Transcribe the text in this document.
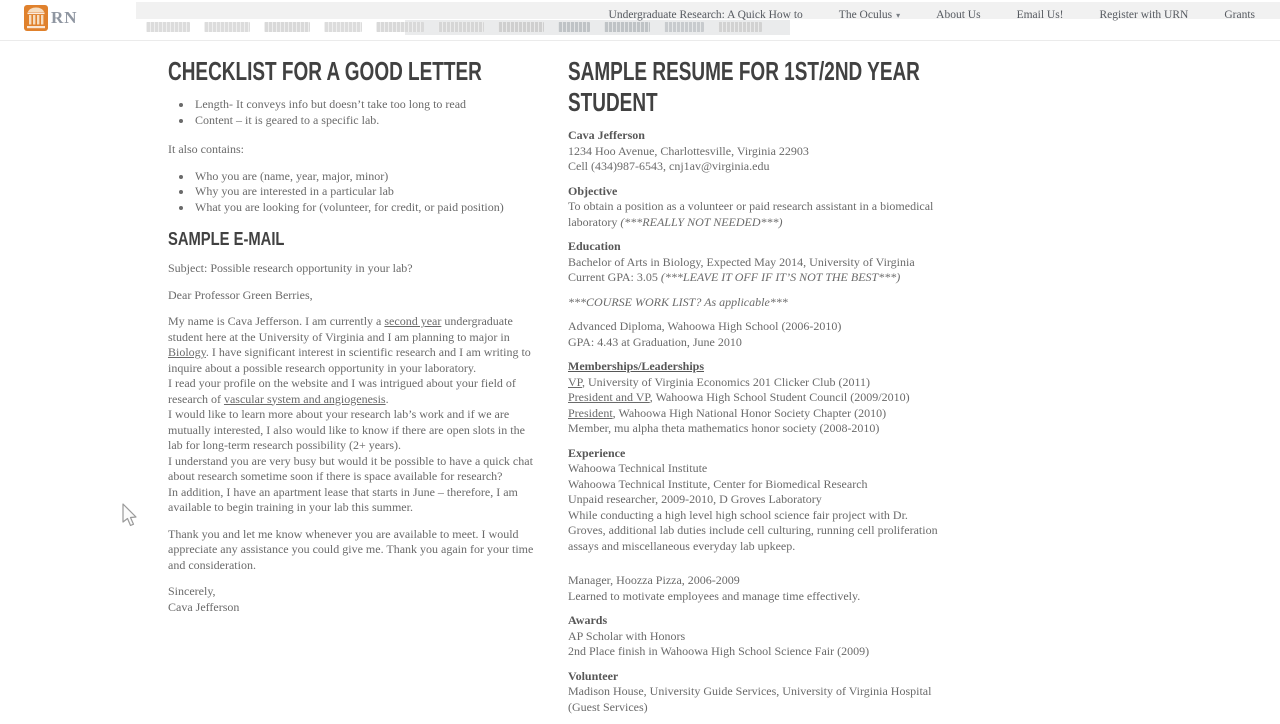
RN	Undergraduate Research: A Quick How to	The Oculus ▾	About Us	Email Us!	Register with URN	Grants
CHECKLIST FOR A GOOD LETTER
• Length- It conveys info but doesn’t take too long to read
• Content – it is geared to a specific lab.

It also contains:

• Who you are (name, year, major, minor)
• Why you are interested in a particular lab
• What you are looking for (volunteer, for credit, or paid position)
SAMPLE E-MAIL

Subject: Possible research opportunity in your lab?

Dear Professor Green Berries,

My name is Cava Jefferson. I am currently a second year undergraduate student here at the University of Virginia and I am planning to major in Biology. I have significant interest in scientific research and I am writing to inquire about a possible research opportunity in your laboratory.
I read your profile on the website and I was intrigued about your field of research of vascular system and angiogenesis.
I would like to learn more about your research lab’s work and if we are mutually interested, I also would like to know if there are open slots in the lab for long-term research possibility (2+ years).
I understand you are very busy but would it be possible to have a quick chat about research sometime soon if there is space available for research?
In addition, I have an apartment lease that starts in June – therefore, I am available to begin training in your lab this summer.

Thank you and let me know whenever you are available to meet. I would appreciate any assistance you could give me. Thank you again for your time and consideration.

Sincerely,
Cava Jefferson
SAMPLE RESUME FOR 1ST/2ND YEAR STUDENT
Cava Jefferson
1234 Hoo Avenue, Charlottesville, Virginia 22903
Cell (434)987-6543, cnj1av@virginia.edu
Objective
To obtain a position as a volunteer or paid research assistant in a biomedical laboratory (***REALLY NOT NEEDED***)
Education
Bachelor of Arts in Biology, Expected May 2014, University of Virginia
Current GPA: 3.05 (***LEAVE IT OFF IF IT’S NOT THE BEST***)
***COURSE WORK LIST? As applicable***
Advanced Diploma, Wahoowa High School (2006-2010)
GPA: 4.43 at Graduation, June 2010
Memberships/Leaderships
VP, University of Virginia Economics 201 Clicker Club (2011)
President and VP, Wahoowa High School Student Council (2009/2010)
President, Wahoowa High National Honor Society Chapter (2010)
Member, mu alpha theta mathematics honor society (2008-2010)
Experience
Wahoowa Technical Institute
Wahoowa Technical Institute, Center for Biomedical Research
Unpaid researcher, 2009-2010, D Groves Laboratory
While conducting a high level high school science fair project with Dr. Groves, additional lab duties include cell culturing, running cell proliferation assays and miscellaneous everyday lab upkeep.
Manager, Hoozza Pizza, 2006-2009
Learned to motivate employees and manage time effectively.
Awards
AP Scholar with Honors
2nd Place finish in Wahoowa High School Science Fair (2009)
Volunteer
Madison House, University Guide Services, University of Virginia Hospital (Guest Services)
